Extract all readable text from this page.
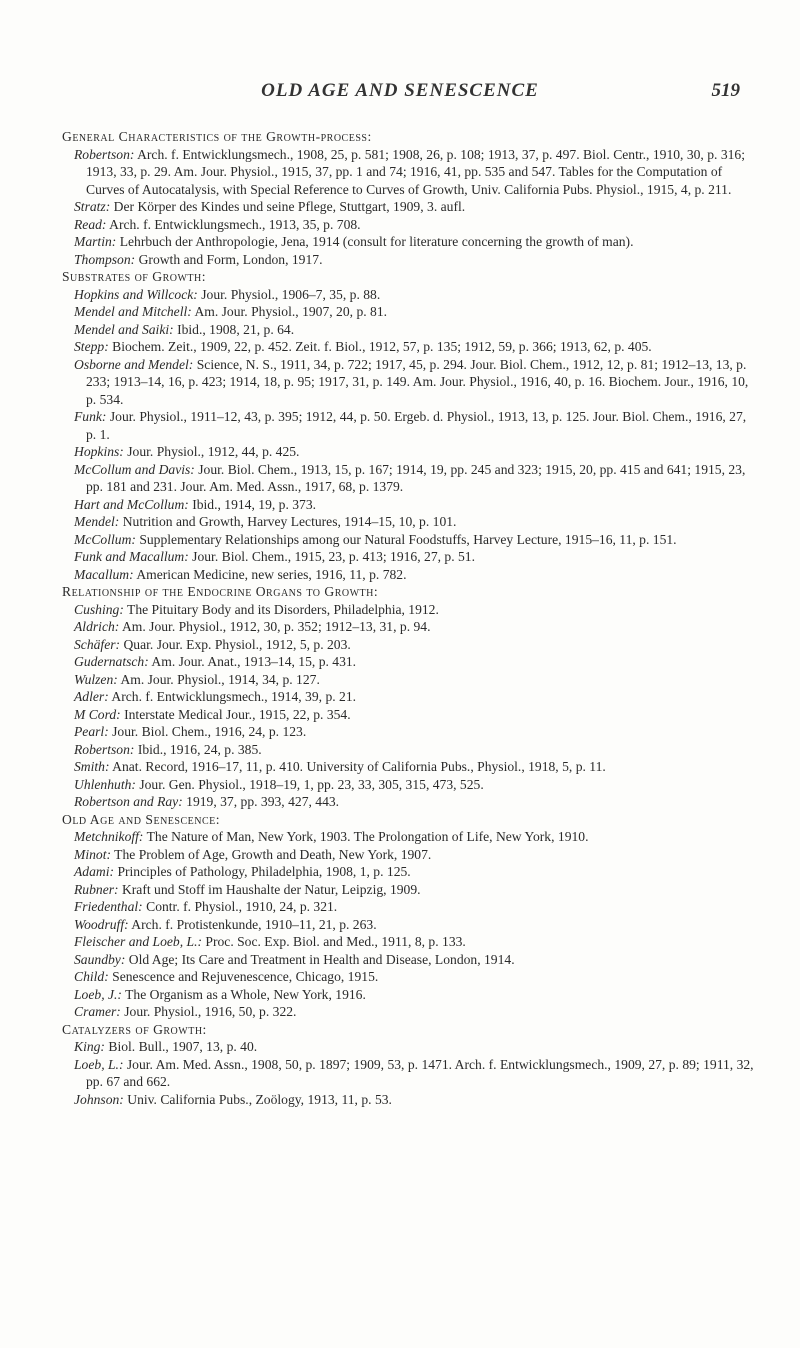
OLD AGE AND SENESCENCE	519
General Characteristics of the Growth-process:
Robertson: Arch. f. Entwicklungsmech., 1908, 25, p. 581; 1908, 26, p. 108; 1913, 37, p. 497. Biol. Centr., 1910, 30, p. 316; 1913, 33, p. 29. Am. Jour. Physiol., 1915, 37, pp. 1 and 74; 1916, 41, pp. 535 and 547. Tables for the Computation of Curves of Autocatalysis, with Special Reference to Curves of Growth, Univ. California Pubs. Physiol., 1915, 4, p. 211.
Stratz: Der Körper des Kindes und seine Pflege, Stuttgart, 1909, 3. aufl.
Read: Arch. f. Entwicklungsmech., 1913, 35, p. 708.
Martin: Lehrbuch der Anthropologie, Jena, 1914 (consult for literature concerning the growth of man).
Thompson: Growth and Form, London, 1917.
Substrates of Growth:
Hopkins and Willcock: Jour. Physiol., 1906–7, 35, p. 88.
Mendel and Mitchell: Am. Jour. Physiol., 1907, 20, p. 81.
Mendel and Saiki: Ibid., 1908, 21, p. 64.
Stepp: Biochem. Zeit., 1909, 22, p. 452. Zeit. f. Biol., 1912, 57, p. 135; 1912, 59, p. 366; 1913, 62, p. 405.
Osborne and Mendel: Science, N. S., 1911, 34, p. 722; 1917, 45, p. 294. Jour. Biol. Chem., 1912, 12, p. 81; 1912–13, 13, p. 233; 1913–14, 16, p. 423; 1914, 18, p. 95; 1917, 31, p. 149. Am. Jour. Physiol., 1916, 40, p. 16. Biochem. Jour., 1916, 10, p. 534.
Funk: Jour. Physiol., 1911–12, 43, p. 395; 1912, 44, p. 50. Ergeb. d. Physiol., 1913, 13, p. 125. Jour. Biol. Chem., 1916, 27, p. 1.
Hopkins: Jour. Physiol., 1912, 44, p. 425.
McCollum and Davis: Jour. Biol. Chem., 1913, 15, p. 167; 1914, 19, pp. 245 and 323; 1915, 20, pp. 415 and 641; 1915, 23, pp. 181 and 231. Jour. Am. Med. Assn., 1917, 68, p. 1379.
Hart and McCollum: Ibid., 1914, 19, p. 373.
Mendel: Nutrition and Growth, Harvey Lectures, 1914–15, 10, p. 101.
McCollum: Supplementary Relationships among our Natural Foodstuffs, Harvey Lecture, 1915–16, 11, p. 151.
Funk and Macallum: Jour. Biol. Chem., 1915, 23, p. 413; 1916, 27, p. 51.
Macallum: American Medicine, new series, 1916, 11, p. 782.
Relationship of the Endocrine Organs to Growth:
Cushing: The Pituitary Body and its Disorders, Philadelphia, 1912.
Aldrich: Am. Jour. Physiol., 1912, 30, p. 352; 1912–13, 31, p. 94.
Schäfer: Quar. Jour. Exp. Physiol., 1912, 5, p. 203.
Gudernatsch: Am. Jour. Anat., 1913–14, 15, p. 431.
Wulzen: Am. Jour. Physiol., 1914, 34, p. 127.
Adler: Arch. f. Entwicklungsmech., 1914, 39, p. 21.
M Cord: Interstate Medical Jour., 1915, 22, p. 354.
Pearl: Jour. Biol. Chem., 1916, 24, p. 123.
Robertson: Ibid., 1916, 24, p. 385.
Smith: Anat. Record, 1916–17, 11, p. 410. University of California Pubs., Physiol., 1918, 5, p. 11.
Uhlenhuth: Jour. Gen. Physiol., 1918–19, 1, pp. 23, 33, 305, 315, 473, 525.
Robertson and Ray: 1919, 37, pp. 393, 427, 443.
Old Age and Senescence:
Metchnikoff: The Nature of Man, New York, 1903. The Prolongation of Life, New York, 1910.
Minot: The Problem of Age, Growth and Death, New York, 1907.
Adami: Principles of Pathology, Philadelphia, 1908, 1, p. 125.
Rubner: Kraft und Stoff im Haushalte der Natur, Leipzig, 1909.
Friedenthal: Contr. f. Physiol., 1910, 24, p. 321.
Woodruff: Arch. f. Protistenkunde, 1910–11, 21, p. 263.
Fleischer and Loeb, L.: Proc. Soc. Exp. Biol. and Med., 1911, 8, p. 133.
Saundby: Old Age; Its Care and Treatment in Health and Disease, London, 1914.
Child: Senescence and Rejuvenescence, Chicago, 1915.
Loeb, J.: The Organism as a Whole, New York, 1916.
Cramer: Jour. Physiol., 1916, 50, p. 322.
Catalyzers of Growth:
King: Biol. Bull., 1907, 13, p. 40.
Loeb, L.: Jour. Am. Med. Assn., 1908, 50, p. 1897; 1909, 53, p. 1471. Arch. f. Entwicklungsmech., 1909, 27, p. 89; 1911, 32, pp. 67 and 662.
Johnson: Univ. California Pubs., Zoölogy, 1913, 11, p. 53.
